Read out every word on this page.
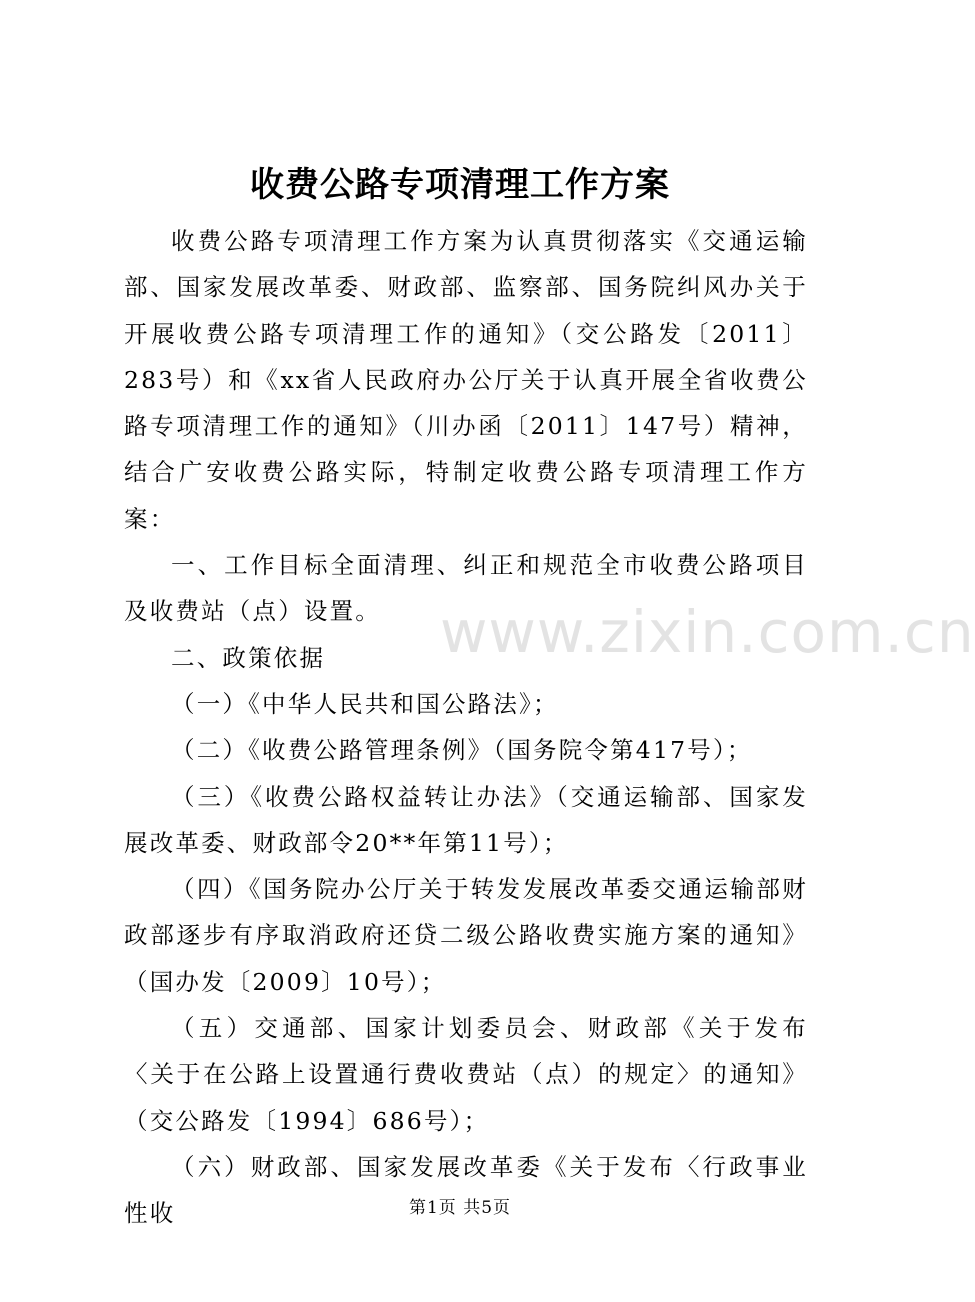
www.zixin.com.cn
收费公路专项清理工作方案

收费公路专项清理工作方案为认真贯彻落实《交通运输部、国家发展改革委、财政部、监察部、国务院纠风办关于开展收费公路专项清理工作的通知》（交公路发〔2011〕283号）和《xx省人民政府办公厅关于认真开展全省收费公路专项清理工作的通知》（川办函〔2011〕147号）精神，结合广安收费公路实际，特制定收费公路专项清理工作方案：

一、工作目标全面清理、纠正和规范全市收费公路项目及收费站（点）设置。

二、政策依据

（一）《中华人民共和国公路法》；

（二）《收费公路管理条例》（国务院令第417号）；

（三）《收费公路权益转让办法》（交通运输部、国家发展改革委、财政部令20**年第11号）；

（四）《国务院办公厅关于转发发展改革委交通运输部财政部逐步有序取消政府还贷二级公路收费实施方案的通知》（国办发〔2009〕10号）；

（五）交通部、国家计划委员会、财政部《关于发布〈关于在公路上设置通行费收费站（点）的规定〉的通知》（交公路发〔1994〕686号）；

（六）财政部、国家发展改革委《关于发布〈行政事业性收	第1页 共5页
